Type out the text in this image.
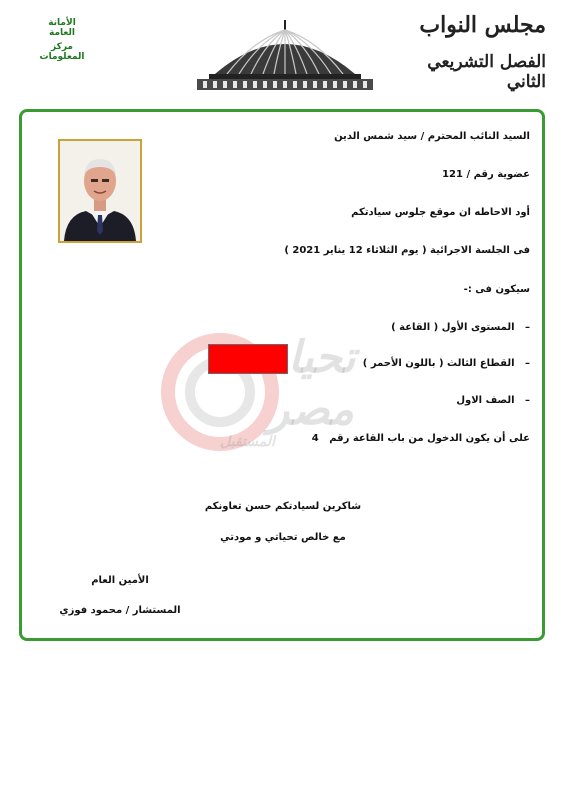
الأمانة العامة
مركز المعلومات
مجلس النواب
الفصل التشريعي الثاني
تحيا
مصر
المستقبل
السيد النائب المحترم / سيد شمس الدين
عضوية رقم / 121
أود الاحاطه ان موقع جلوس سيادتكم
فى الجلسة الاجرائية ( يوم الثلاثاء 12 يناير 2021 )
سيكون فى :-
–   المستوى الأول ( القاعة )
–   القطاع الثالث ( باللون الأحمر )
–   الصف الاول
على أن يكون الدخول من باب القاعة رقم   4
شاكرين لسيادتكم حسن تعاونكم
مع خالص تحياتي و مودتي
الأمين العام
المستشار / محمود فوزي
